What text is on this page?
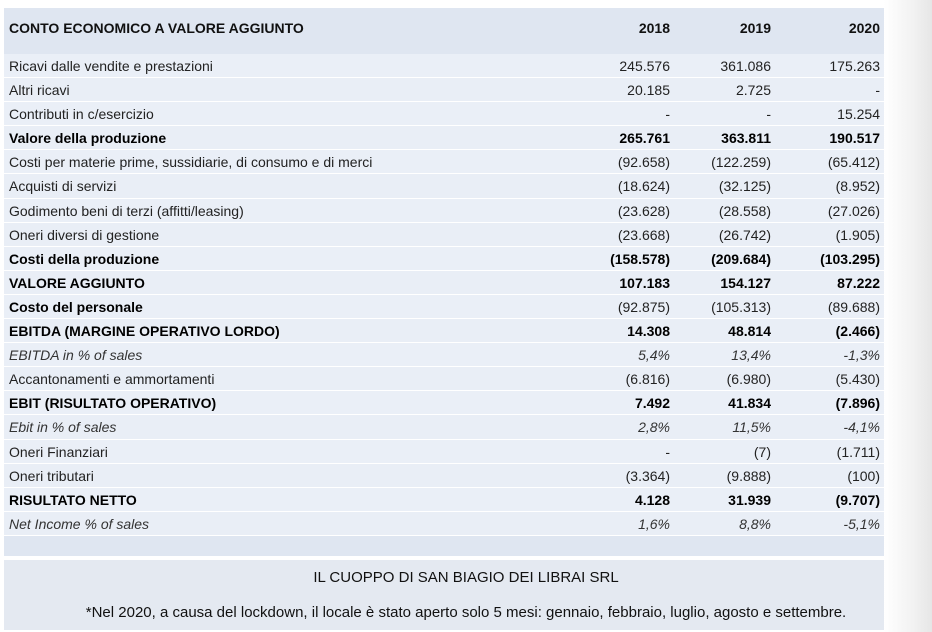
CONTO ECONOMICO A VALORE AGGIUNTO	2018	2019	2020
Ricavi dalle vendite e prestazioni	245.576	361.086	175.263
Altri ricavi	20.185	2.725	-
Contributi in c/esercizio	-	-	15.254
Valore della produzione	265.761	363.811	190.517
Costi per materie prime, sussidiarie, di consumo e di merci	(92.658)	(122.259)	(65.412)
Acquisti di servizi	(18.624)	(32.125)	(8.952)
Godimento beni di terzi (affitti/leasing)	(23.628)	(28.558)	(27.026)
Oneri diversi di gestione	(23.668)	(26.742)	(1.905)
Costi della produzione	(158.578)	(209.684)	(103.295)
VALORE AGGIUNTO	107.183	154.127	87.222
Costo del personale	(92.875)	(105.313)	(89.688)
EBITDA (MARGINE OPERATIVO LORDO)	14.308	48.814	(2.466)
EBITDA in % of sales	5,4%	13,4%	-1,3%
Accantonamenti e ammortamenti	(6.816)	(6.980)	(5.430)
EBIT (RISULTATO OPERATIVO)	7.492	41.834	(7.896)
Ebit in % of sales	2,8%	11,5%	-4,1%
Oneri Finanziari	-	(7)	(1.711)
Oneri tributari	(3.364)	(9.888)	(100)
RISULTATO NETTO	4.128	31.939	(9.707)
Net Income % of sales	1,6%	8,8%	-5,1%
IL CUOPPO DI SAN BIAGIO DEI LIBRAI SRL
*Nel 2020, a causa del lockdown, il locale è stato aperto solo 5 mesi: gennaio, febbraio, luglio, agosto e settembre.
